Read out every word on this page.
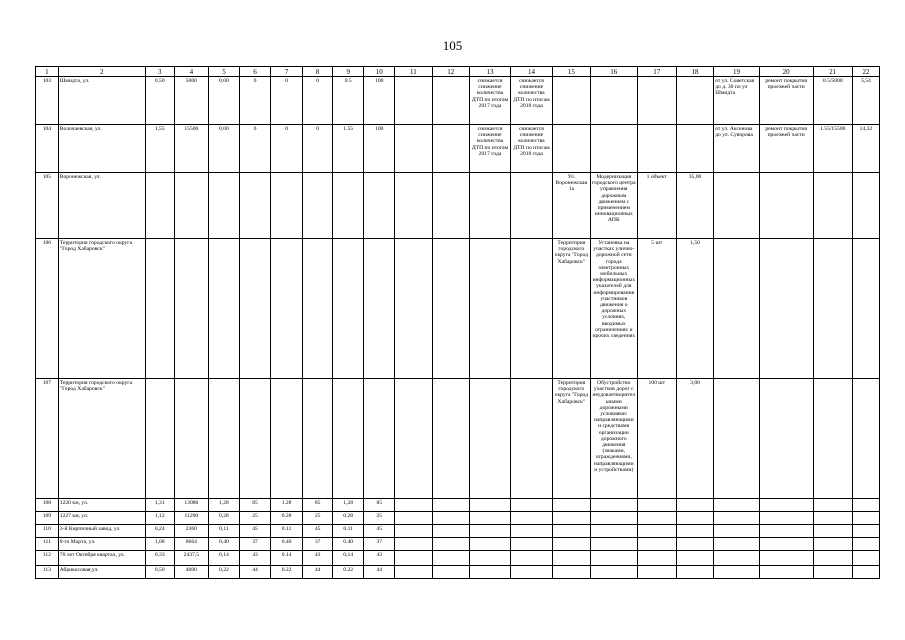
105
1	2	3	4	5	6	7	8	9	10	11	12	13	14	15	16	17	18	19	20	21	22
103	Шмидта, ул.	0,50	5000	0,00	0	0	0	0.5	100			снижается снижение количества ДТП по итогам 2017 года	снижается снижение количества ДТП по итогам 2018 года					от ул. Советская до д. 30 по ул Шмидта	ремонт покрытия проезжей части	0.5/5000	5,54
104	Волочаевская, ул.	1,55	15500	0,00	0	0	0	1.55	100			снижается снижение количества ДТП по итогам 2017 года	снижается снижение количества ДТП по итогам 2018 года					от ул. Аксенова до ул. Суворова	ремонт покрытия проезжей части	1.55/15500	14,32
105	Воронежская, ул.													Ул. Воронежская 1а	Модернизация городского центра управления дорожным движением с применением инновационных АПК	1 объект	35,00				
106	Территория городского округа "Город Хабаровск"													Территория городского округа "Город Хабаровск"	Установка на участках улично-дорожной сети города электронных мобильных информационных указателей для информирования участников движения о дорожных условиях, вводимых ограничениях и прочих сведениях	5 шт	1,50				
107	Территория городского округа "Город Хабаровск"													Территория городского округа "Город Хабаровск"	Обустройство участков дорог с неудовлетворительными дорожными условиями: направляющими и средствами организации дорожного движения (знаками, ограждениями, направляющими и устройствами)	100 шт	3,00				
108	1220 км, ул.	1,31	13080	1,28	85	1.28	85	1,28	85												
109	1227 км, ул.	1,12	11200	0,28	25	0.28	25	0.28	25												
110	3-й Кирпичный завод, ул.	0,24	2360	0,11	45	0.11	45	0.11	45												
111	8-го Марта, ул.	1,08	8664	0,40	37	0.40	37	0.40	37												
112	70 лет Октября квартал, ул.	0,33	2437,5	0,14	43	0.14	43	0,14	43												
113	Абрикосовая,ул.	0,50	4000	0,22	44	0.22	44	0.22	44												
